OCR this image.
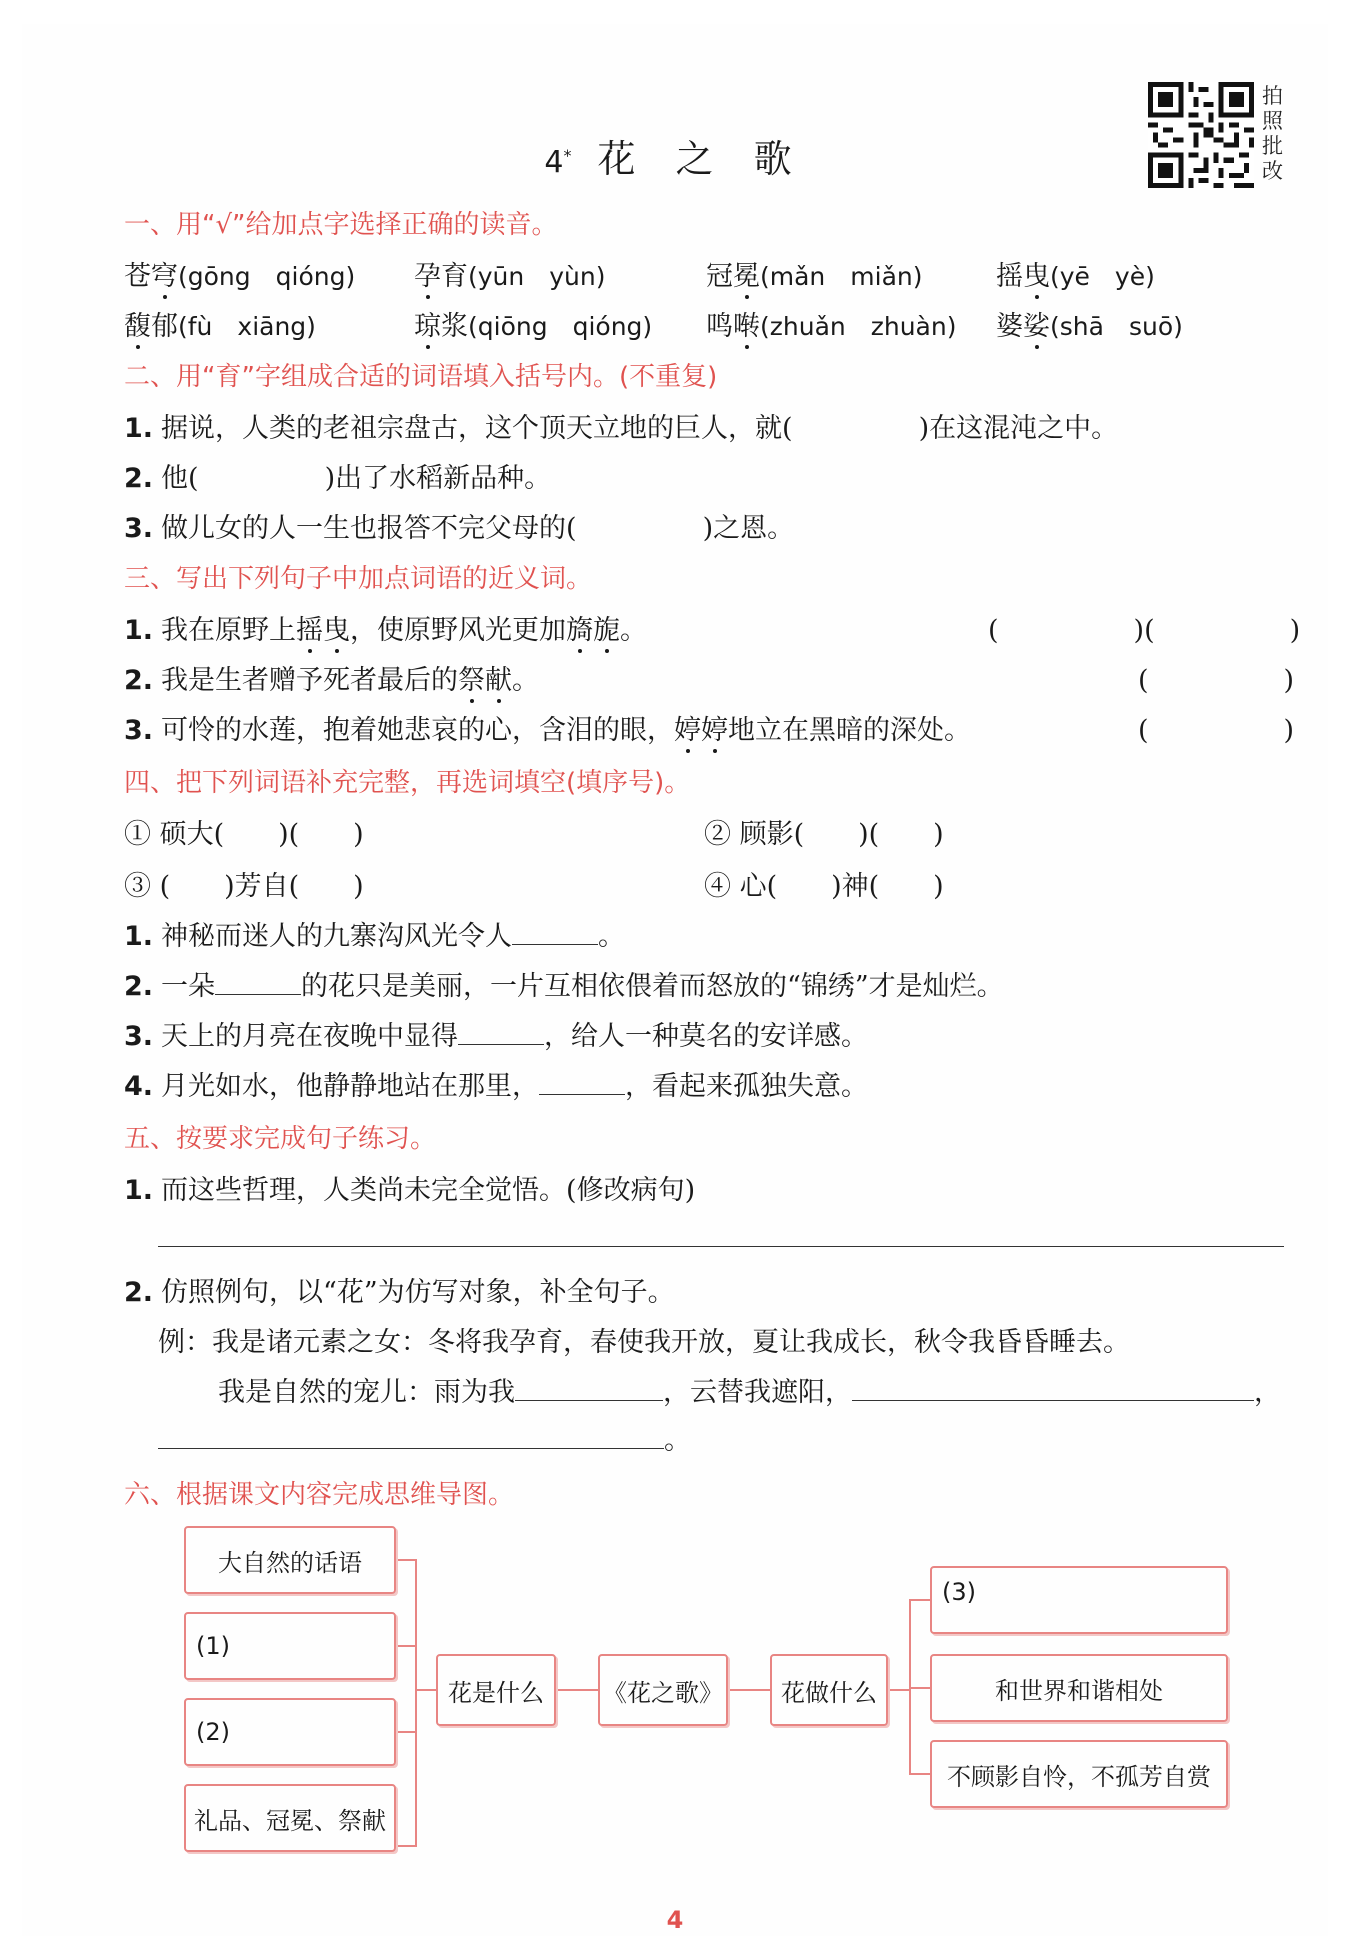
拍照批改
4* 花 之 歌
一、用“√”给加点字选择正确的读音。
苍穹(gōng　qióng) 孕育(yūn　yùn)	冠冕(mǎn　miǎn)	摇曳(yē　yè)
馥郁(fù　xiāng)	琼浆(qiōng　qióng) 鸣啭(zhuǎn　zhuàn) 婆娑(shā　suō)
二、用“育”字组成合适的词语填入括号内。(不重复)
1. 据说，人类的老祖宗盘古，这个顶天立地的巨人，就(	)在这混沌之中。
2. 他(	)出了水稻新品种。
3. 做儿女的人一生也报答不完父母的(	)之恩。
三、写出下列句子中加点词语的近义词。
1. 我在原野上摇曳，使原野风光更加旖旎。	(　　　　　)(　　　　　)
2. 我是生者赠予死者最后的祭献。	(　　　　　)
3. 可怜的水莲，抱着她悲哀的心，含泪的眼，婷婷地立在黑暗的深处。	(　　　　　)
四、把下列词语补充完整，再选词填空(填序号)。
① 硕大(　　)(　　)	② 顾影(　　)(　　)
③ (　　)芳自(　　)	④ 心(　　)神(　　)
1. 神秘而迷人的九寨沟风光令人	。
2. 一朵	的花只是美丽，一片互相依偎着而怒放的“锦绣”才是灿烂。
3. 天上的月亮在夜晚中显得	，给人一种莫名的安详感。
4. 月光如水，他静静地站在那里，	，看起来孤独失意。
五、按要求完成句子练习。
1. 而这些哲理，人类尚未完全觉悟。(修改病句)
2. 仿照例句，以“花”为仿写对象，补全句子。
例：我是诸元素之女：冬将我孕育，春使我开放，夏让我成长，秋令我昏昏睡去。
我是自然的宠儿：雨为我	，云替我遮阳，	，
。
六、根据课文内容完成思维导图。
大自然的话语
(1)
(2)
礼品、冠冕、祭献
花是什么	《花之歌》	花做什么
(3)
和世界和谐相处
不顾影自怜，不孤芳自赏
4
